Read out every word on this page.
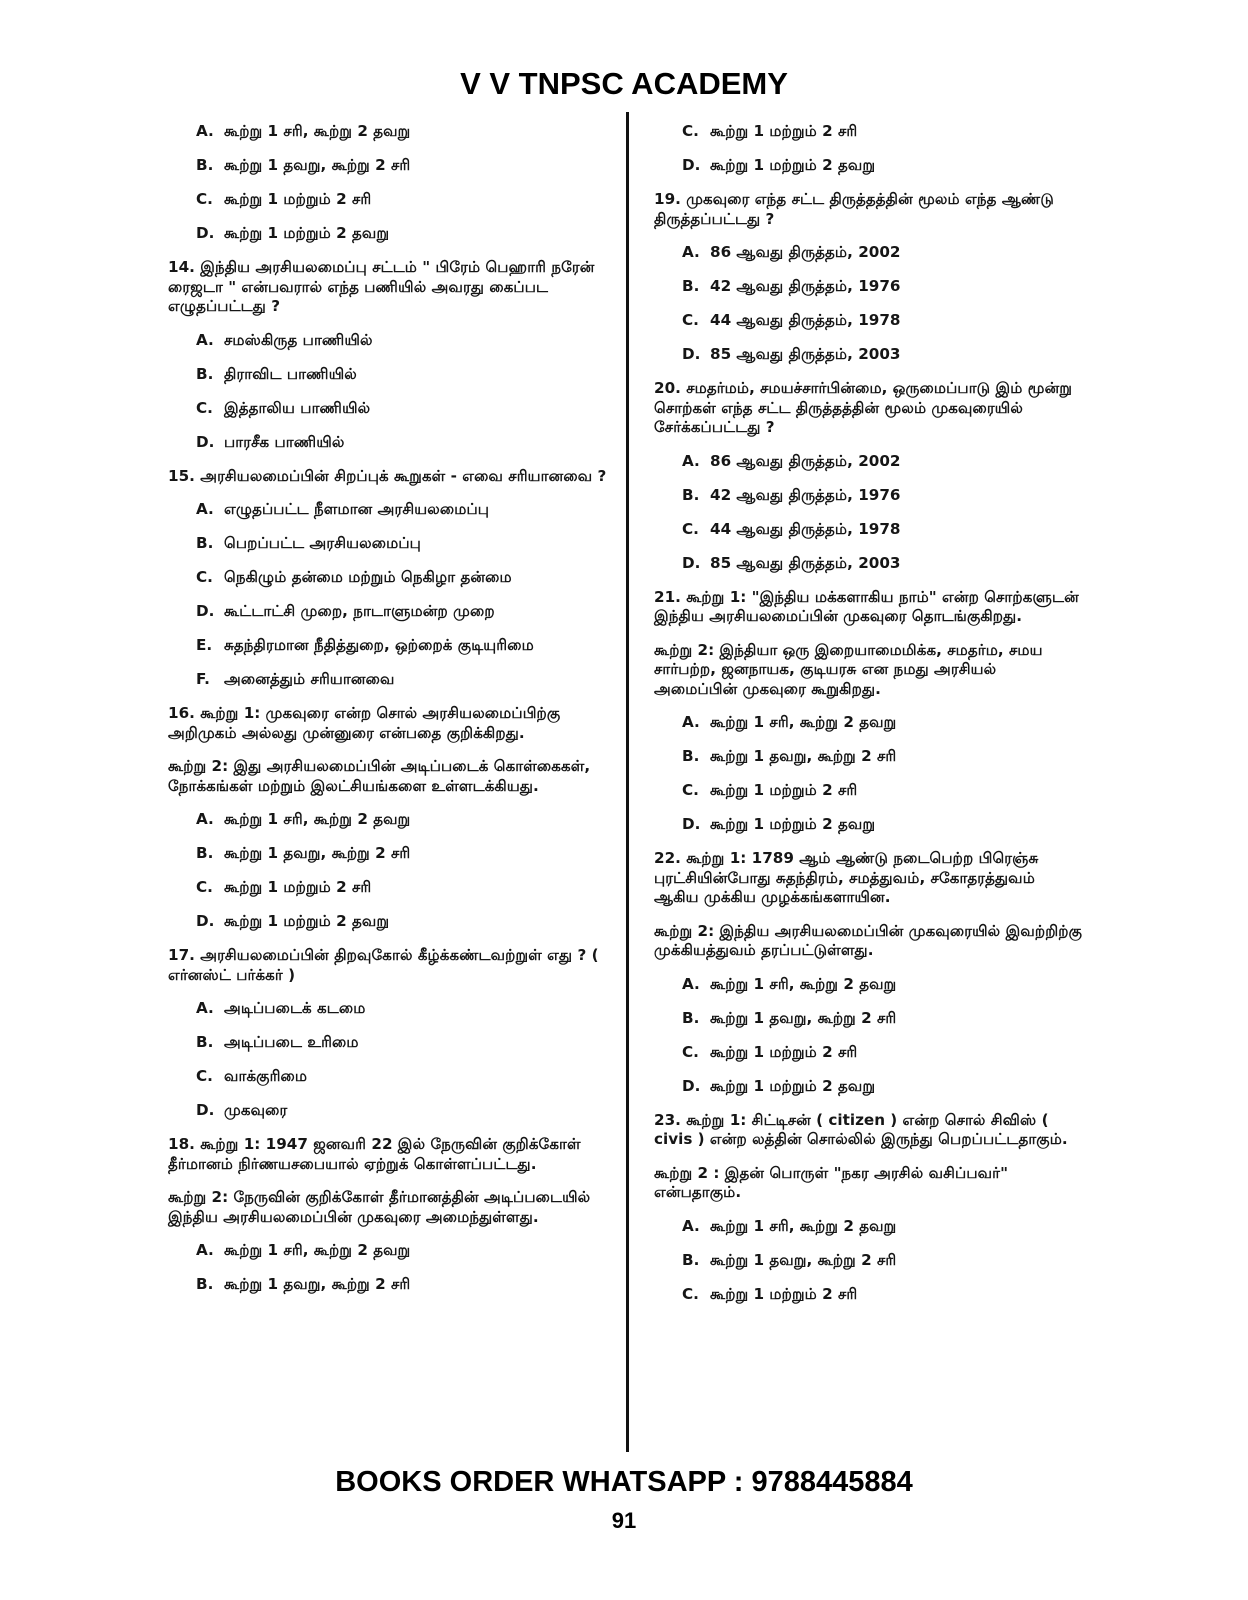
V V TNPSC ACADEMY
A. கூற்று 1 சரி, கூற்று 2 தவறு
B. கூற்று 1 தவறு, கூற்று 2 சரி
C. கூற்று 1 மற்றும் 2 சரி
D. கூற்று 1 மற்றும் 2 தவறு
14. இந்திய அரசியலமைப்பு சட்டம் " பிரேம் பெஹாரி நரேன் ரைஜடா " என்பவரால் எந்த பணியில் அவரது கைப்பட எழுதப்பட்டது ?
A. சமஸ்கிருத பாணியில்
B. திராவிட பாணியில்
C. இத்தாலிய பாணியில்
D. பாரசீக பாணியில்
15. அரசியலமைப்பின் சிறப்புக் கூறுகள் - எவை சரியானவை ?
A. எழுதப்பட்ட நீளமான அரசியலமைப்பு
B. பெறப்பட்ட அரசியலமைப்பு
C. நெகிழும் தன்மை மற்றும் நெகிழா தன்மை
D. கூட்டாட்சி முறை, நாடாளுமன்ற முறை
E. சுதந்திரமான நீதித்துறை, ஒற்றைக் குடியுரிமை
F. அனைத்தும் சரியானவை
16. கூற்று 1: முகவுரை என்ற சொல் அரசியலமைப்பிற்கு அறிமுகம் அல்லது முன்னுரை என்பதை குறிக்கிறது.
கூற்று 2: இது அரசியலமைப்பின் அடிப்படைக் கொள்கைகள், நோக்கங்கள் மற்றும் இலட்சியங்களை உள்ளடக்கியது.
A. கூற்று 1 சரி, கூற்று 2 தவறு
B. கூற்று 1 தவறு, கூற்று 2 சரி
C. கூற்று 1 மற்றும் 2 சரி
D. கூற்று 1 மற்றும் 2 தவறு
17. அரசியலமைப்பின் திறவுகோல் கீழ்க்கண்டவற்றுள் எது ? ( எர்னஸ்ட் பர்க்கர் )
A. அடிப்படைக் கடமை
B. அடிப்படை உரிமை
C. வாக்குரிமை
D. முகவுரை
18. கூற்று 1: 1947 ஜனவரி 22 இல் நேருவின் குறிக்கோள் தீர்மானம் நிர்ணயசபையால் ஏற்றுக் கொள்ளப்பட்டது.
கூற்று 2: நேருவின் குறிக்கோள் தீர்மானத்தின் அடிப்படையில் இந்திய அரசியலமைப்பின் முகவுரை அமைந்துள்ளது.
A. கூற்று 1 சரி, கூற்று 2 தவறு
B. கூற்று 1 தவறு, கூற்று 2 சரி
C. கூற்று 1 மற்றும் 2 சரி
D. கூற்று 1 மற்றும் 2 தவறு
19. முகவுரை எந்த சட்ட திருத்தத்தின் மூலம் எந்த ஆண்டு திருத்தப்பட்டது ?
A. 86 ஆவது திருத்தம், 2002
B. 42 ஆவது திருத்தம், 1976
C. 44 ஆவது திருத்தம், 1978
D. 85 ஆவது திருத்தம், 2003
20. சமதர்மம், சமயச்சார்பின்மை, ஒருமைப்பாடு இம் மூன்று சொற்கள் எந்த சட்ட திருத்தத்தின் மூலம் முகவுரையில் சேர்க்கப்பட்டது ?
A. 86 ஆவது திருத்தம், 2002
B. 42 ஆவது திருத்தம், 1976
C. 44 ஆவது திருத்தம், 1978
D. 85 ஆவது திருத்தம், 2003
21. கூற்று 1: "இந்திய மக்களாகிய நாம்" என்ற சொற்களுடன் இந்திய அரசியலமைப்பின் முகவுரை தொடங்குகிறது.
கூற்று 2: இந்தியா ஒரு இறையாமைமிக்க, சமதர்ம, சமய சார்பற்ற, ஜனநாயக, குடியரசு என நமது அரசியல் அமைப்பின் முகவுரை கூறுகிறது.
A. கூற்று 1 சரி, கூற்று 2 தவறு
B. கூற்று 1 தவறு, கூற்று 2 சரி
C. கூற்று 1 மற்றும் 2 சரி
D. கூற்று 1 மற்றும் 2 தவறு
22. கூற்று 1: 1789 ஆம் ஆண்டு நடைபெற்ற பிரெஞ்சு புரட்சியின்போது சுதந்திரம், சமத்துவம், சகோதரத்துவம் ஆகிய முக்கிய முழக்கங்களாயின.
கூற்று 2: இந்திய அரசியலமைப்பின் முகவுரையில் இவற்றிற்கு முக்கியத்துவம் தரப்பட்டுள்ளது.
A. கூற்று 1 சரி, கூற்று 2 தவறு
B. கூற்று 1 தவறு, கூற்று 2 சரி
C. கூற்று 1 மற்றும் 2 சரி
D. கூற்று 1 மற்றும் 2 தவறு
23. கூற்று 1: சிட்டிசன் ( citizen ) என்ற சொல் சிவிஸ் ( civis ) என்ற லத்தின் சொல்லில் இருந்து பெறப்பட்டதாகும்.
கூற்று 2 : இதன் பொருள் "நகர அரசில் வசிப்பவர்" என்பதாகும்.
A. கூற்று 1 சரி, கூற்று 2 தவறு
B. கூற்று 1 தவறு, கூற்று 2 சரி
C. கூற்று 1 மற்றும் 2 சரி
BOOKS ORDER WHATSAPP : 9788445884
91
